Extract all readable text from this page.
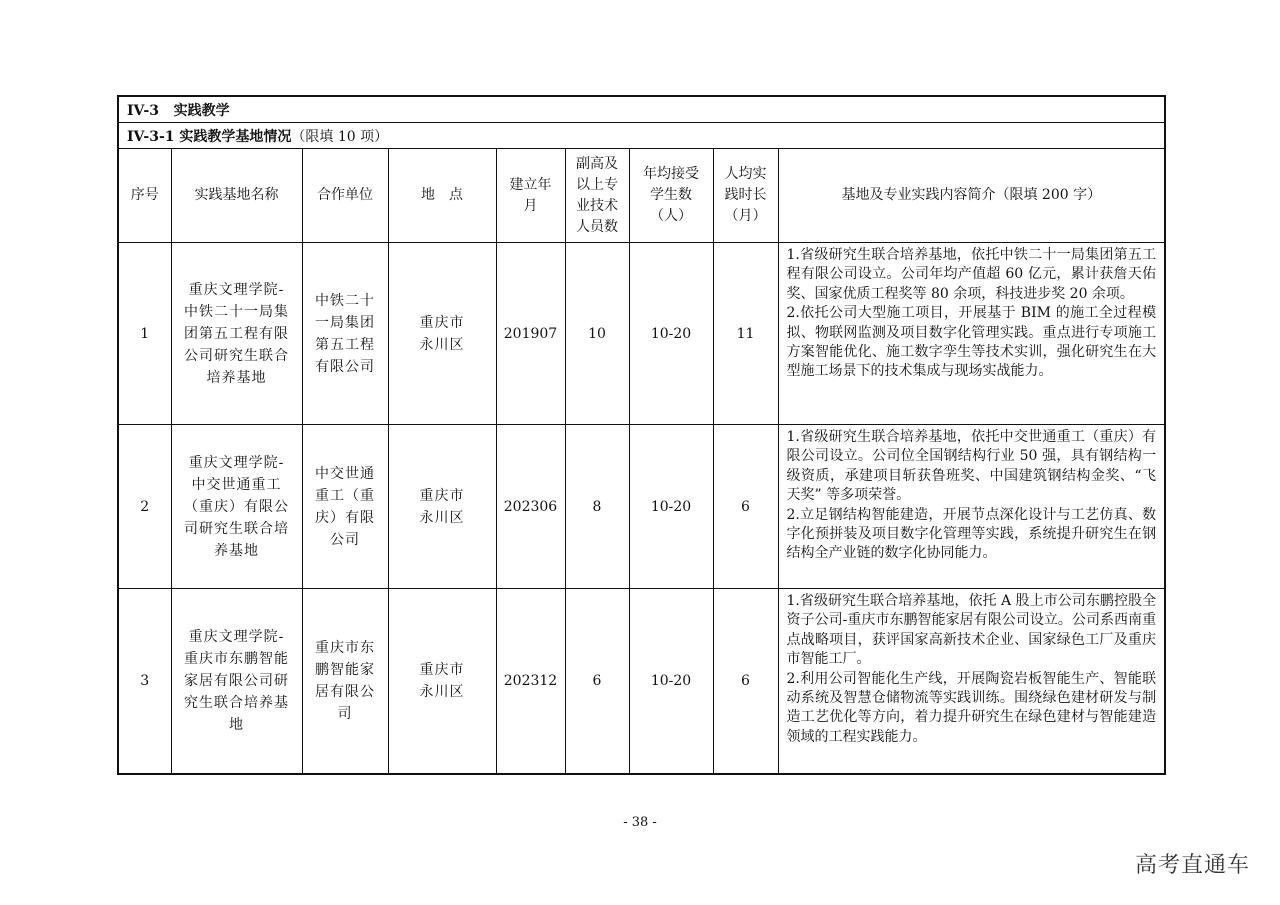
IV-3 实践教学								
IV-3-1 实践教学基地情况（限填 10 项）								
序号	实践基地名称	合作单位	地　点	建立年月	副高及以上专业技术人员数	年均接受学生数（人）	人均实践时长（月）	基地及专业实践内容简介（限填 200 字）
1	重庆文理学院-中铁二十一局集团第五工程有限公司研究生联合培养基地	中铁二十一局集团第五工程有限公司	重庆市永川区	201907	10	10-20	11	1.省级研究生联合培养基地，依托中铁二十一局集团第五工程有限公司设立。公司年均产值超 60 亿元，累计获詹天佑奖、国家优质工程奖等 80 余项，科技进步奖 20 余项。

2.依托公司大型施工项目，开展基于 BIM 的施工全过程模拟、物联网监测及项目数字化管理实践。重点进行专项施工方案智能优化、施工数字孪生等技术实训，强化研究生在大型施工场景下的技术集成与现场实战能力。

2	重庆文理学院-中交世通重工（重庆）有限公司研究生联合培养基地	中交世通重工（重庆）有限公司	重庆市永川区	202306	8	10-20	6	1.省级研究生联合培养基地，依托中交世通重工（重庆）有限公司设立。公司位全国钢结构行业 50 强，具有钢结构一级资质，承建项目斩获鲁班奖、中国建筑钢结构金奖、“飞天奖” 等多项荣誉。

2.立足钢结构智能建造，开展节点深化设计与工艺仿真、数字化预拼装及项目数字化管理等实践，系统提升研究生在钢结构全产业链的数字化协同能力。

3	重庆文理学院-重庆市东鹏智能家居有限公司研究生联合培养基地	重庆市东鹏智能家居有限公司	重庆市永川区	202312	6	10-20	6	1.省级研究生联合培养基地，依托 A 股上市公司东鹏控股全资子公司-重庆市东鹏智能家居有限公司设立。公司系西南重点战略项目，获评国家高新技术企业、国家绿色工厂及重庆市智能工厂。

2.利用公司智能化生产线，开展陶瓷岩板智能生产、智能联动系统及智慧仓储物流等实践训练。围绕绿色建材研发与制造工艺优化等方向，着力提升研究生在绿色建材与智能建造领域的工程实践能力。

- 38 -
高考直通车
